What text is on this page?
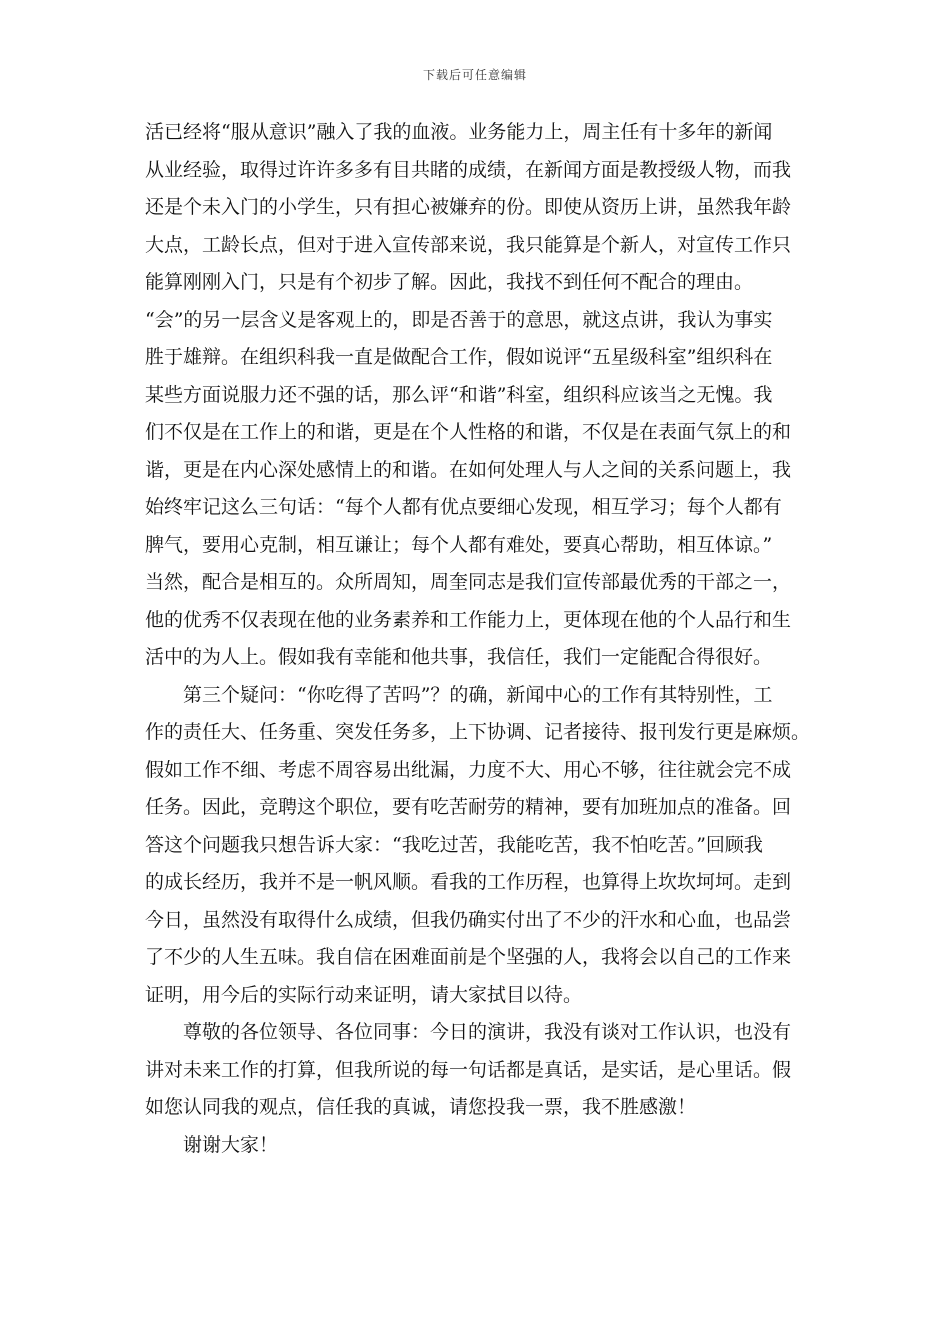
下载后可任意编辑
活已经将“服从意识”融入了我的血液。业务能力上，周主任有十多年的新闻
从业经验，取得过许许多多有目共睹的成绩，在新闻方面是教授级人物，而我
还是个未入门的小学生，只有担心被嫌弃的份。即使从资历上讲，虽然我年龄
大点，工龄长点，但对于进入宣传部来说，我只能算是个新人，对宣传工作只
能算刚刚入门，只是有个初步了解。因此，我找不到任何不配合的理由。
“会”的另一层含义是客观上的，即是否善于的意思，就这点讲，我认为事实
胜于雄辩。在组织科我一直是做配合工作，假如说评“五星级科室”组织科在
某些方面说服力还不强的话，那么评“和谐”科室，组织科应该当之无愧。我
们不仅是在工作上的和谐，更是在个人性格的和谐，不仅是在表面气氛上的和
谐，更是在内心深处感情上的和谐。在如何处理人与人之间的关系问题上，我
始终牢记这么三句话：“每个人都有优点要细心发现，相互学习；每个人都有
脾气，要用心克制，相互谦让；每个人都有难处，要真心帮助，相互体谅。”
当然，配合是相互的。众所周知，周奎同志是我们宣传部最优秀的干部之一，
他的优秀不仅表现在他的业务素养和工作能力上，更体现在他的个人品行和生
活中的为人上。假如我有幸能和他共事，我信任，我们一定能配合得很好。
　　第三个疑问：“你吃得了苦吗”？的确，新闻中心的工作有其特别性，工
作的责任大、任务重、突发任务多，上下协调、记者接待、报刊发行更是麻烦。
假如工作不细、考虑不周容易出纰漏，力度不大、用心不够，往往就会完不成
任务。因此，竞聘这个职位，要有吃苦耐劳的精神，要有加班加点的准备。回
答这个问题我只想告诉大家：“我吃过苦，我能吃苦，我不怕吃苦。”回顾我
的成长经历，我并不是一帆风顺。看我的工作历程，也算得上坎坎坷坷。走到
今日，虽然没有取得什么成绩，但我仍确实付出了不少的汗水和心血，也品尝
了不少的人生五味。我自信在困难面前是个坚强的人，我将会以自己的工作来
证明，用今后的实际行动来证明，请大家拭目以待。
　　尊敬的各位领导、各位同事：今日的演讲，我没有谈对工作认识，也没有
讲对未来工作的打算，但我所说的每一句话都是真话，是实话，是心里话。假
如您认同我的观点，信任我的真诚，请您投我一票，我不胜感激！
　　谢谢大家！
